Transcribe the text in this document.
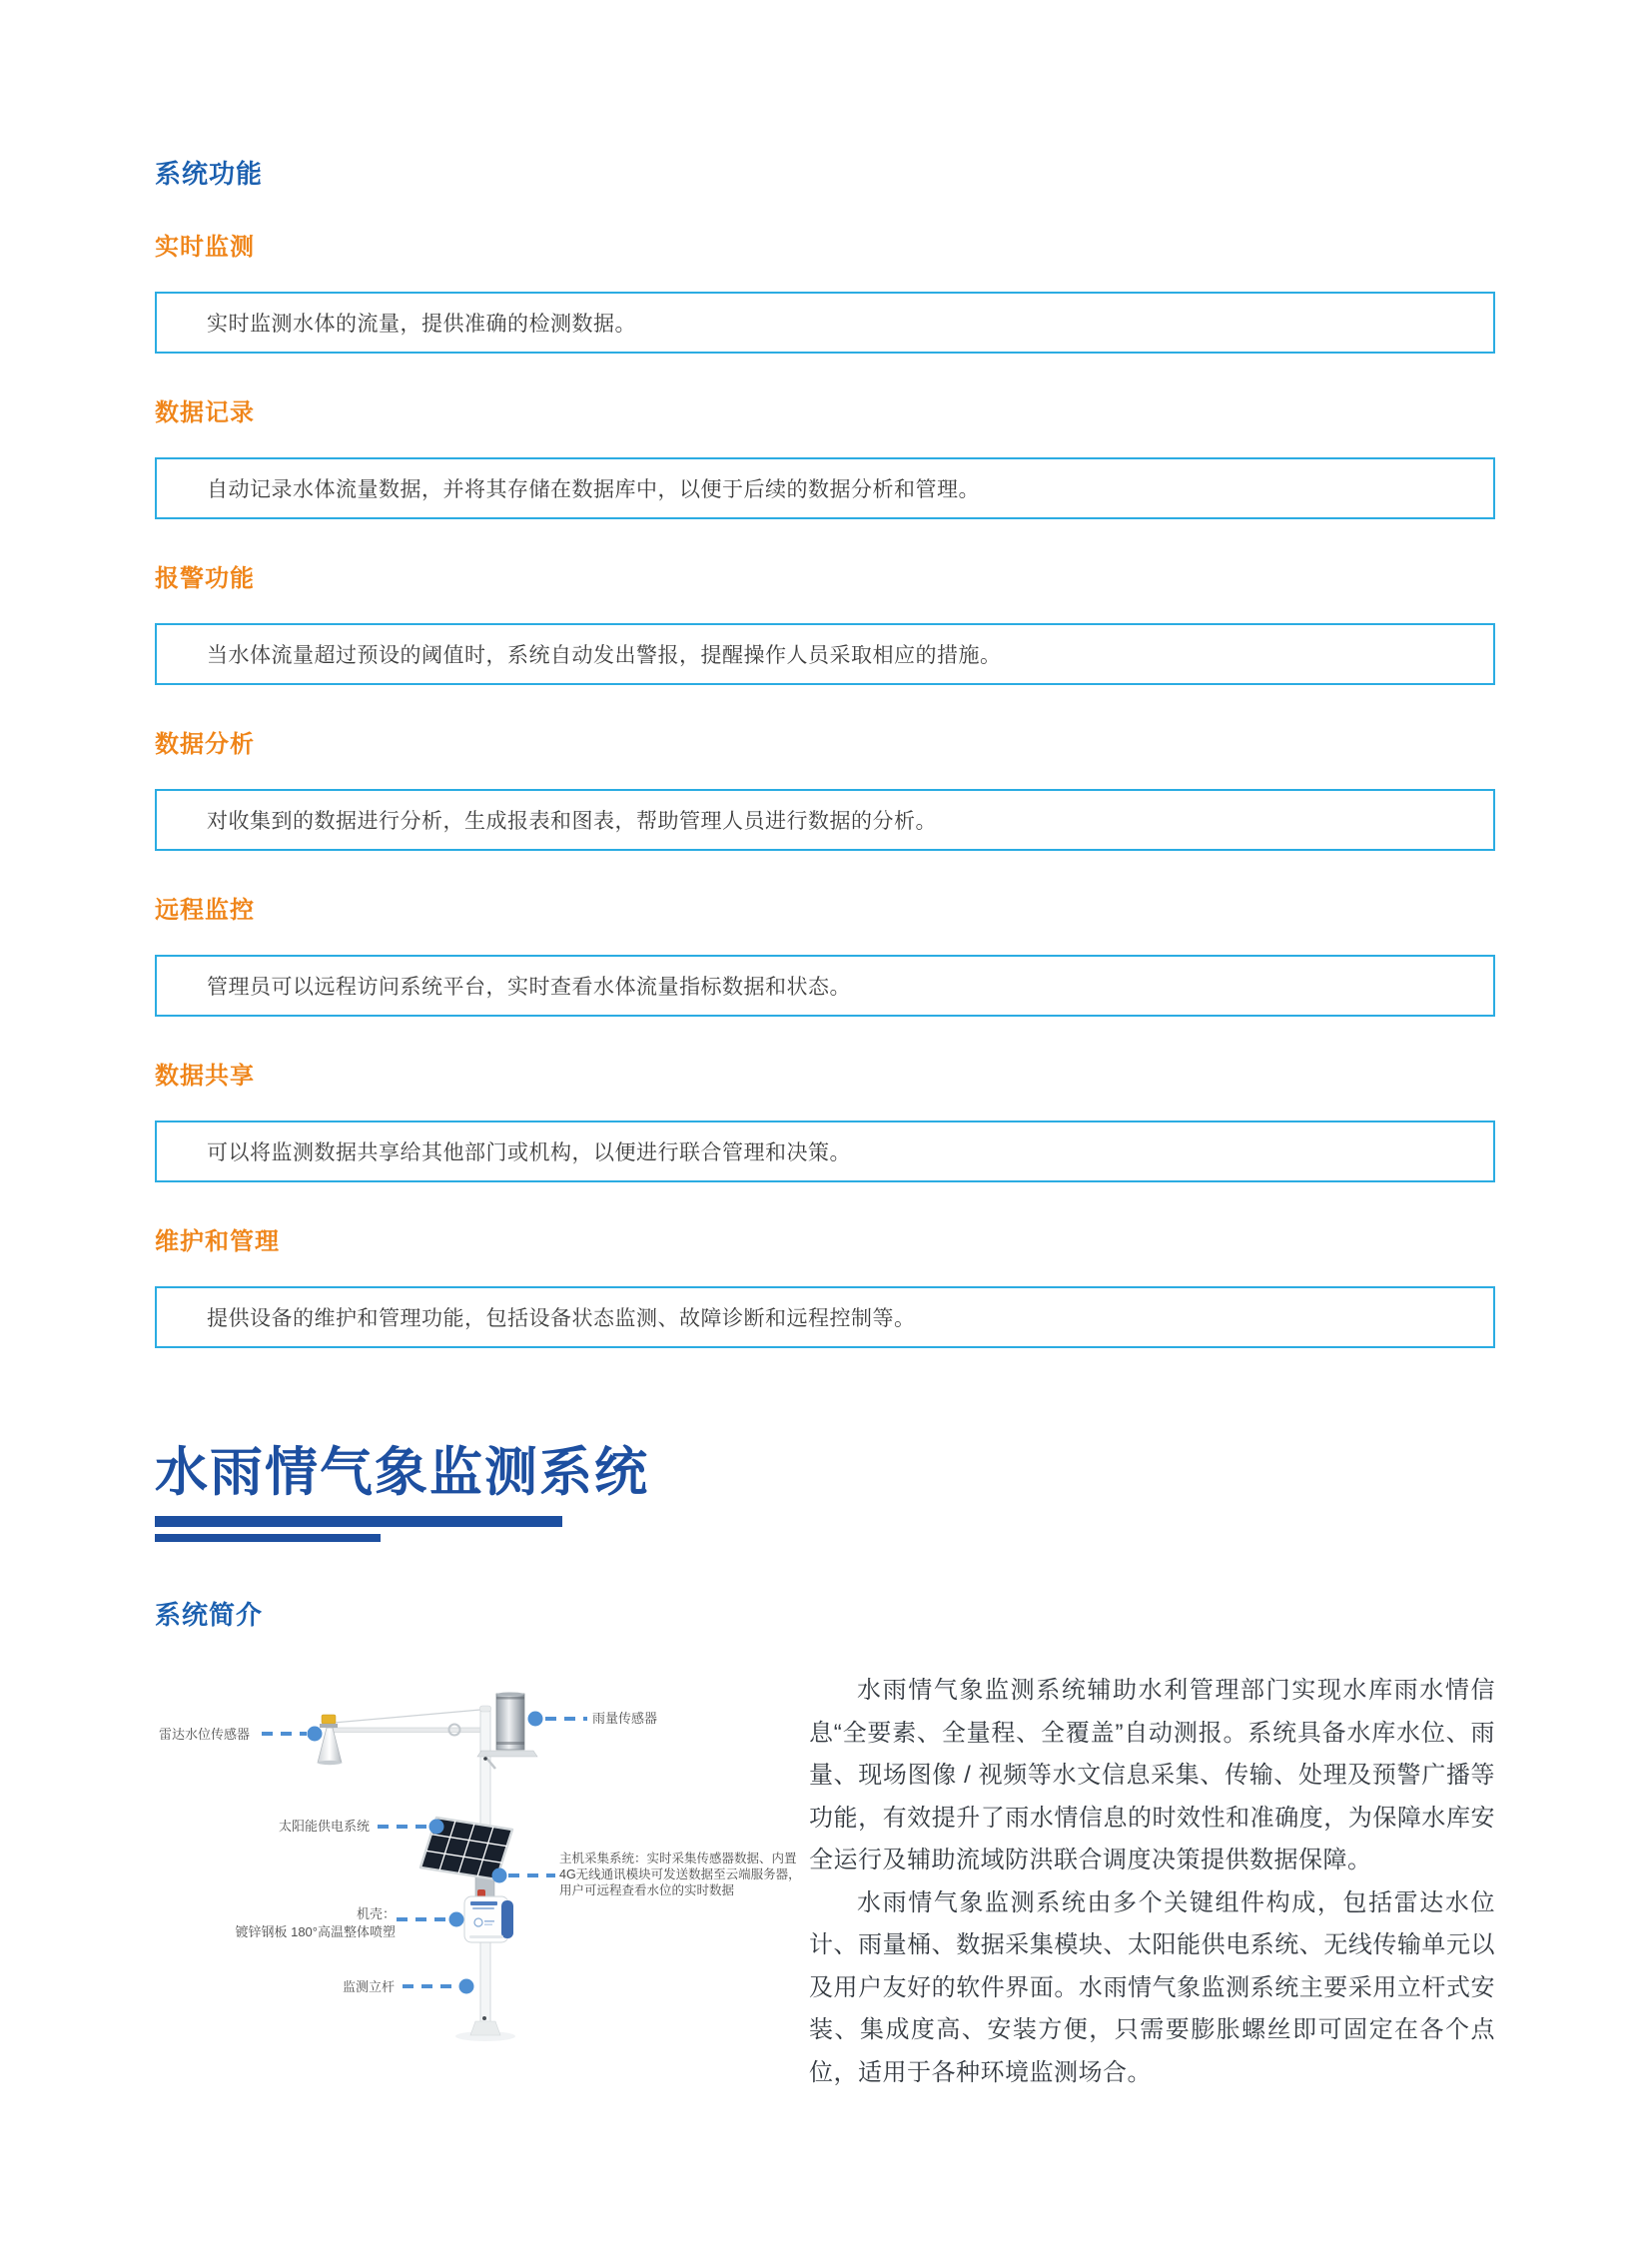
系统功能
实时监测

实时监测水体的流量，提供准确的检测数据。

数据记录

自动记录水体流量数据，并将其存储在数据库中，以便于后续的数据分析和管理。

报警功能

当水体流量超过预设的阈值时，系统自动发出警报，提醒操作人员采取相应的措施。

数据分析

对收集到的数据进行分析，生成报表和图表，帮助管理人员进行数据的分析。

远程监控

管理员可以远程访问系统平台，实时查看水体流量指标数据和状态。

数据共享

可以将监测数据共享给其他部门或机构，以便进行联合管理和决策。

维护和管理

提供设备的维护和管理功能，包括设备状态监测、故障诊断和远程控制等。

水雨情气象监测系统
系统简介
雷达水位传感器
雨量传感器
太阳能供电系统
主机采集系统：实时采集传感器数据、内置4G无线通讯模块可发送数据至云端服务器，用户可远程查看水位的实时数据
机壳：
镀锌钢板 180°高温整体喷塑
监测立杆

水雨情气象监测系统辅助水利管理部门实现水库雨水情信息“全要素、全量程、全覆盖”自动测报。系统具备水库水位、雨量、现场图像 / 视频等水文信息采集、传输、处理及预警广播等功能，有效提升了雨水情信息的时效性和准确度，为保障水库安全运行及辅助流域防洪联合调度决策提供数据保障。

水雨情气象监测系统由多个关键组件构成，包括雷达水位计、雨量桶、数据采集模块、太阳能供电系统、无线传输单元以及用户友好的软件界面。水雨情气象监测系统主要采用立杆式安装、集成度高、安装方便，只需要膨胀螺丝即可固定在各个点位，适用于各种环境监测场合。
